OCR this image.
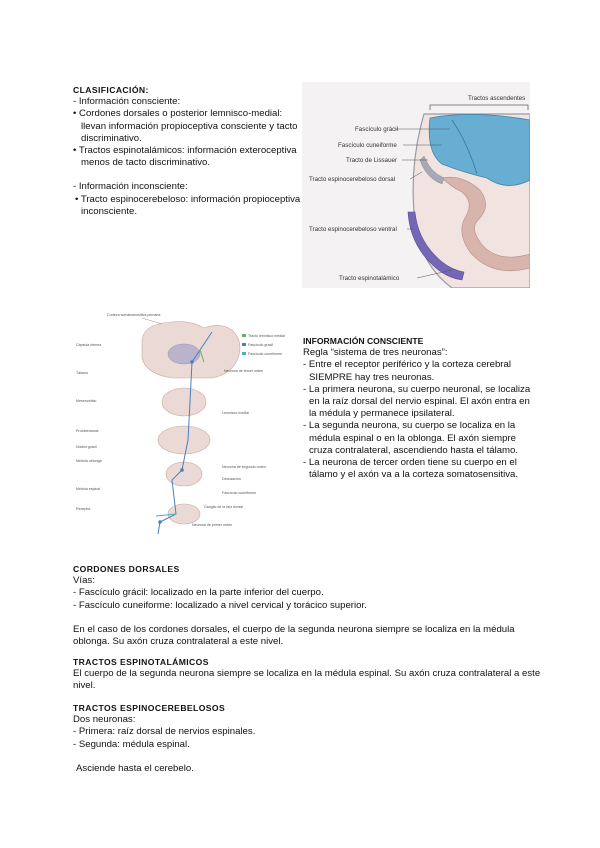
CLASIFICACIÓN:
- Información consciente:
• Cordones dorsales o posterior lemnisco-medial:
llevan información propioceptiva consciente y tacto
discriminativo.
• Tractos espinotalámicos: información exteroceptiva
menos de tacto discriminativo.
- Información inconsciente:
• Tracto espinocerebeloso: información propioceptiva
inconsciente.
Tractos ascendentes
Fascículo grácil
Fascículo cuneiforme
Tracto de Lissauer
Tracto espinocerebeloso dorsal
Tracto espinocerebeloso ventral
Tracto espinotalámico
Corteza somatosensitiva primaria
Tracto lemnisco medial
Fascículo grácil
Fascículo cuneiforme
Cápsula interna
Tálamo
Mesencéfalo
Protuberancia
Núcleo grácil
Médula oblonga
Médula espinal
Receptor
Neurona de tercer orden
Lemnisco medial
Neurona de segundo orden
Decusación
Fascículo cuneiforme
Ganglio de la raíz dorsal
Neurona de primer orden
INFORMACIÓN CONSCIENTE
Regla “sistema de tres neuronas”:
- Entre el receptor periférico y la corteza cerebral
SIEMPRE hay tres neuronas.
- La primera neurona, su cuerpo neuronal, se localiza
en la raíz dorsal del nervio espinal. El axón entra en
la médula y permanece ipsilateral.
- La segunda neurona, su cuerpo se localiza en la
médula espinal o en la oblonga. El axón siempre
cruza contralateral, ascendiendo hasta el tálamo.
- La neurona de tercer orden tiene su cuerpo en el
tálamo y el axón va a la corteza somatosensitiva.
CORDONES DORSALES
Vías:
- Fascículo grácil: localizado en la parte inferior del cuerpo.
- Fascículo cuneiforme: localizado a nivel cervical y torácico superior.
En el caso de los cordones dorsales, el cuerpo de la segunda neurona siempre se localiza en la médula
oblonga. Su axón cruza contralateral a este nivel.
TRACTOS ESPINOTALÁMICOS
El cuerpo de la segunda neurona siempre se localiza en la médula espinal. Su axón cruza contralateral a este
nivel.
TRACTOS ESPINOCEREBELOSOS
Dos neuronas:
- Primera: raíz dorsal de nervios espinales.
- Segunda: médula espinal.
Asciende hasta el cerebelo.
